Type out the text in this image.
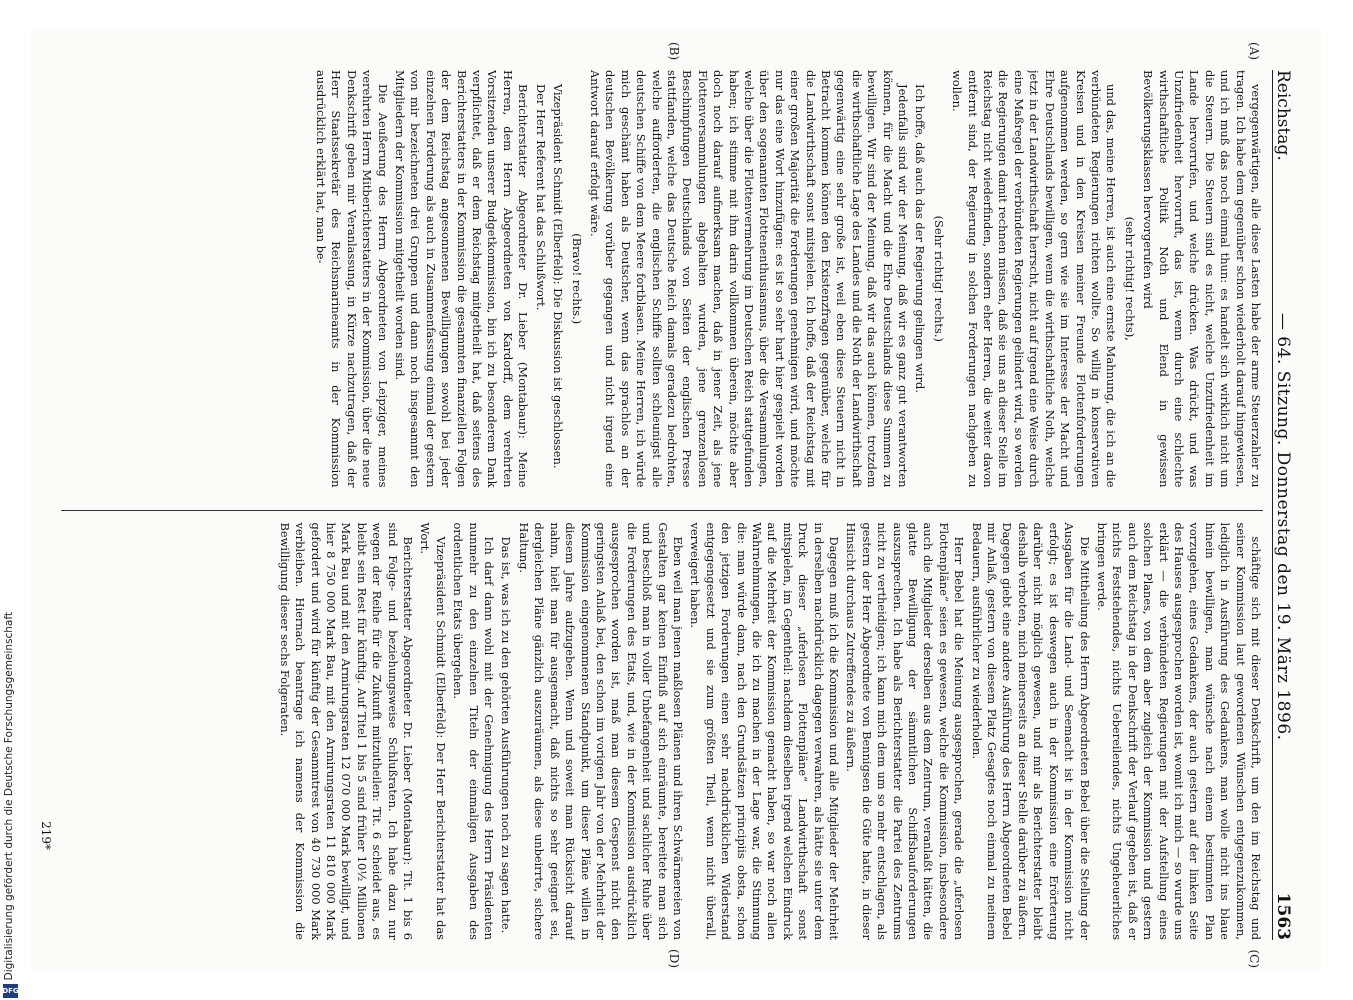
Digitalisierung gefördert durch die Deutsche Forschungsgemeinschaft
DFG
Reichstag.
— 64. Sitzung. Donnerstag den 19. März 1896.
1563
(A)
(B)
(C)
(D)

vergegenwärtigen, alle diese Lasten habe der arme Steuerzahler zu tragen. Ich habe dem gegenüber schon wiederholt darauf hingewiesen, und ich muß das noch einmal thun: es handelt sich wirklich nicht um die Steuern. Die Steuern sind es nicht, welche Unzufriedenheit im Lande hervorrufen, und welche drücken. Was drückt, und was Unzufriedenheit hervorruft, das ist, wenn durch eine schlechte wirthschaftliche Politik Noth und Elend in gewissen Bevölkerungsklassen hervorgerufen wird

(sehr richtig! rechts),

und das, meine Herren, ist auch eine ernste Mahnung, die ich an die verbündeten Regierungen richten wollte. So willig in konservativen Kreisen und in den Kreisen meiner Freunde Flottenforderungen aufgenommen werden, so gern wie sie im Interesse der Macht und Ehre Deutschlands bewilligen, wenn die wirthschaftliche Noth, welche jetzt in der Landwirthschaft herrscht, nicht auf irgend eine Weise durch eine Maßregel der verbündeten Regierungen gelindert wird, so werden die Regierungen damit rechnen müssen, daß sie uns an dieser Stelle im Reichstag nicht wiederfinden, sondern eher Herren, die weiter davon entfernt sind, der Regierung in solchen Forderungen nachgeben zu wollen.

(Sehr richtig! rechts.)

Ich hoffe, daß auch das der Regierung gelingen wird.

Jedenfalls sind wir der Meinung, daß wir es ganz gut verantworten können, für die Macht und die Ehre Deutschlands diese Summen zu bewilligen. Wir sind der Meinung, daß wir das auch können, trotzdem die wirthschaftliche Lage des Landes und die Noth der Landwirthschaft gegenwärtig eine sehr große ist, weil eben diese Steuern nicht in Betracht kommen können den Existenzfragen gegenüber, welche für die Landwirthschaft sonst mitspielen. Ich hoffe, daß der Reichstag mit einer großen Majorität die Forderungen genehmigen wird, und möchte nur das eine Wort hinzufügen: es ist so sehr hart hier gespielt worden über den sogenannten Flottenenthusiasmus, über die Versammlungen, welche über die Flottenvermehrung im Deutschen Reich stattgefunden haben; ich stimme mit ihm darin vollkommen überein, möchte aber doch noch darauf aufmerksam machen, daß in jener Zeit, als jene Flottenversammlungen abgehalten wurden, jene grenzenlosen Beschimpfungen Deutschlands von Seiten der englischen Presse stattfanden, welche das Deutsche Reich damals geradezu bedrohten, welche aufforderten, die englischen Schiffe sollten schleunigst alle deutschen Schiffe von dem Meere fortblasen. Meine Herren, ich würde mich geschämt haben als Deutscher, wenn das sprachlos an der deutschen Bevölkerung vorüber gegangen und nicht irgend eine Antwort darauf erfolgt wäre.

(Bravo! rechts.)

Vizepräsident Schmidt (Elberfeld): Die Diskussion ist geschlossen.

Der Herr Referent hat das Schlußwort.

Berichterstatter Abgeordneter Dr. Lieber (Montabaur): Meine Herren, dem Herrn Abgeordneten von Kardorff, dem verehrten Vorsitzenden unserer Budgetkommission, bin ich zu besonderem Dank verpflichtet, daß er dem Reichstag mitgetheilt hat, daß seitens des Berichterstatters in der Kommission die gesammten finanziellen Folgen der dem Reichstag angesonnenen Bewilligungen sowohl bei jeder einzelnen Forderung als auch in Zusammenfassung einmal der gestern von mir bezeichneten drei Gruppen und dann noch insgesammt den Mitgliedern der Kommission mitgetheilt worden sind.

Die Aeußerung des Herrn Abgeordneten von Leipziger, meines verehrten Herrn Mitberichterstatters in der Kommission, über die neue Denkschrift geben mir Veranlassung, in Kürze nachzutragen, daß der Herr Staatssekretär des Reichsmarineamts in der Kommission ausdrücklich erklärt hat, man be-

schäftige sich mit dieser Denkschrift, um den im Reichstag und seiner Kommission laut gewordenen Wünschen entgegenzukommen, lediglich in Ausführung des Gedankens, man wolle nicht ins blaue hinein bewilligen, man wünsche nach einem bestimmten Plan vorzugehen, eines Gedankens, der auch gestern auf der linken Seite des Hauses ausgesprochen worden ist, womit ich mich — so wurde uns erklärt — die verbündeten Regierungen mit der Aufstellung eines solchen Planes, von dem aber zugleich der Kommission und gestern auch dem Reichstag in der Denkschrift der Verlauf gegeben ist, daß er nichts Feststehendes, nichts Uebereilendes, nichts Ungeheuerliches bringen werde.

Die Mittheilung des Herrn Abgeordneten Bebel über die Stellung der Ausgaben für die Land- und Seemacht ist in der Kommission nicht erfolgt; es ist deswegen auch in der Kommission eine Erörterung darüber nicht möglich gewesen, und mir als Berichterstatter bleibt deshalb verboten, mich meinerseits an dieser Stelle darüber zu äußern. Dagegen giebt eine andere Ausführung des Herrn Abgeordneten Bebel mir Anlaß, gestern von diesem Platz Gesagtes noch einmal zu meinem Bedauern, ausführlicher zu wiederholen.

Herr Bebel hat die Meinung ausgesprochen, gerade die „uferlosen Flottenpläne“ seien es gewesen, welche die Kommission, insbesondere auch die Mitglieder derselben aus dem Zentrum, veranlaßt hätten, die glatte Bewilligung der sämmtlichen Schiffsbauforderungen auszusprechen. Ich habe als Berichterstatter die Partei des Zentrums nicht zu vertheidigen; ich kann mich dem um so mehr entschlagen, als gestern der Herr Abgeordnete von Bennigsen die Güte hatte, in dieser Hinsicht durchaus Zutreffendes zu äußern.

Dagegen muß ich die Kommission und alle Mitglieder der Mehrheit in derselben nachdrücklich dagegen verwahren, als hätte sie unter dem Druck dieser „uferlosen Flottenpläne“ Landwirthschaft sonst mitspielen, im Gegentheil: nachdem dieselben irgend welchen Eindruck auf die Mehrheit der Kommission gemacht haben, so war noch allen Wahrnehmungen, die ich zu machen in der Lage war, die Stimmung die: man würde dann, nach den Grundsätzen principiis obsta, schon den jetzigen Forderungen einen sehr nachdrücklichen Widerstand entgegengesetzt und sie zum größten Theil, wenn nicht überall, verweigert haben.

Eben weil man jenen maßlosen Plänen und ihren Schwärmereien von Gestalten gar keinen Einfluß auf sich einräumte, bereitete man sich und beschloß man in voller Unbefangenheit und sachlicher Ruhe über die Forderungen des Etats, und, wie in der Kommission ausdrücklich ausgesprochen worden ist, maß man diesem Gespenst nicht den geringsten Anlaß bei, den schon im vorigen Jahr von der Mehrheit der Kommission eingenommenen Standpunkt, um dieser Pläne willen in diesem Jahre aufzugeben. Wenn und soweit man Rücksicht darauf nahm, hielt man für ausgemacht, daß nichts so sehr geeignet sei, dergleichen Pläne gänzlich auszuräumen, als diese unbeirrte, sichere Haltung.

Das ist, was ich zu den gehörten Ausführungen noch zu sagen hatte.

Ich darf dann wohl mit der Genehmigung des Herrn Präsidenten nunmehr zu den einzelnen Titeln der einmaligen Ausgaben des ordentlichen Etats übergehen.

Vizepräsident Schmidt (Elberfeld): Der Herr Berichterstatter hat das Wort.

Berichterstatter Abgeordneter Dr. Lieber (Montabaur): Tit. 1 bis 6 sind Folge- und beziehungsweise Schlußraten. Ich habe dazu nur wegen der Reihe für die Zukunft mitzutheilen: Tit. 6 scheidet aus, es bleibt sein Rest für künftig. Auf Titel 1 bis 5 sind früher 10½ Millionen Mark Bau und mit den Armirungsraten 12 070 000 Mark bewilligt, und hier 8 750 000 Mark Bau, mit den Armirungsraten 11 810 000 Mark gefordert und wird für künftig der Gesammtrest von 40 730 000 Mark verbleiben. Hiernach beantrage ich namens der Kommission die Bewilligung dieser sechs Folgeraten.

219*
